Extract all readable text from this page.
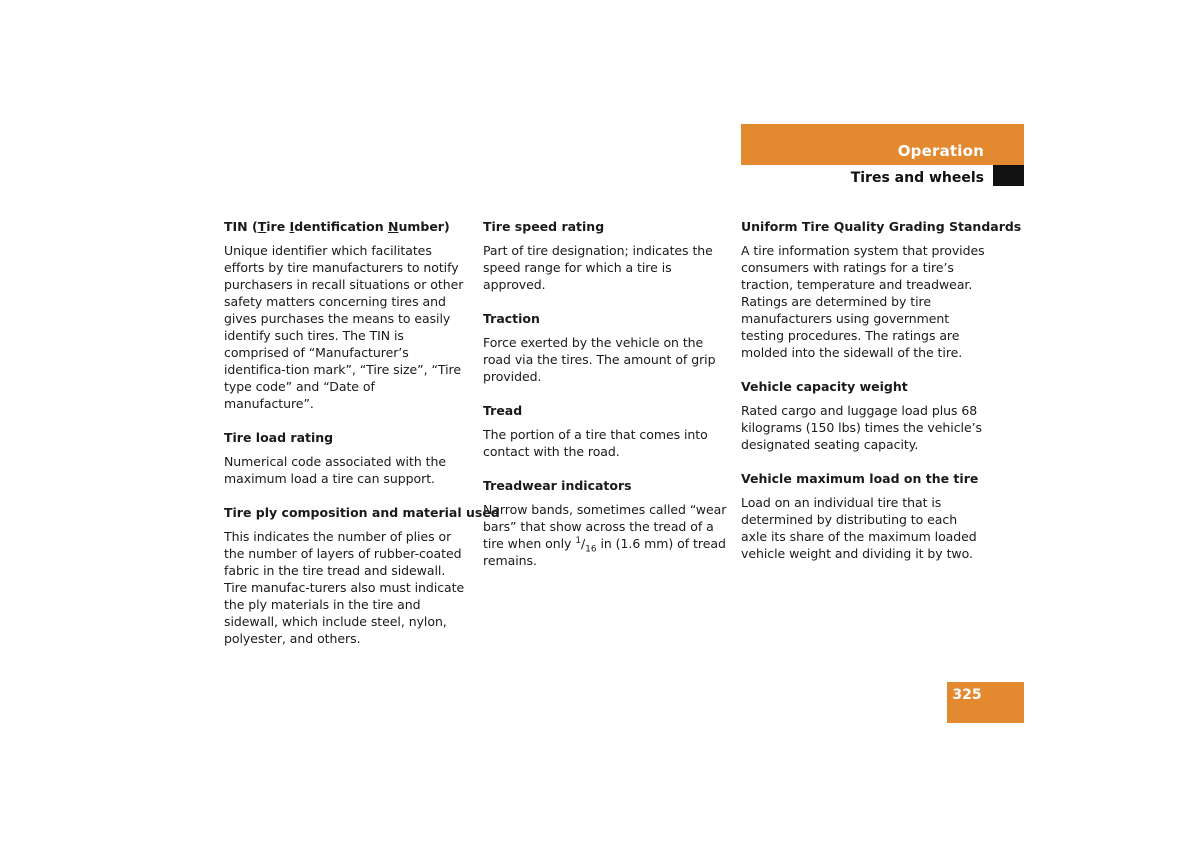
Operation
Tires and wheels
TIN (Tire Identification Number)

Unique identifier which facilitates efforts by tire manufacturers to notify purchasers in recall situations or other safety matters concerning tires and gives purchases the means to easily identify such tires. The TIN is comprised of “Manufacturer’s identifica-tion mark”, “Tire size”, “Tire type code” and “Date of manufacture”.

Tire load rating

Numerical code associated with the maximum load a tire can support.

Tire ply composition and material used

This indicates the number of plies or the number of layers of rubber-coated fabric in the tire tread and sidewall. Tire manufac-turers also must indicate the ply materials in the tire and sidewall, which include steel, nylon, polyester, and others.

Tire speed rating

Part of tire designation; indicates the speed range for which a tire is approved.

Traction

Force exerted by the vehicle on the road via the tires. The amount of grip provided.

Tread

The portion of a tire that comes into contact with the road.

Treadwear indicators

Narrow bands, sometimes called “wear bars” that show across the tread of a tire when only $^1/_{16}$ in (1.6 mm) of tread remains.

Uniform Tire Quality Grading Standards

A tire information system that provides consumers with ratings for a tire’s traction, temperature and treadwear. Ratings are determined by tire manufacturers using government testing procedures. The ratings are molded into the sidewall of the tire.

Vehicle capacity weight

Rated cargo and luggage load plus 68 kilograms (150 lbs) times the vehicle’s designated seating capacity.

Vehicle maximum load on the tire

Load on an individual tire that is determined by distributing to each axle its share of the maximum loaded vehicle weight and dividing it by two.

325
